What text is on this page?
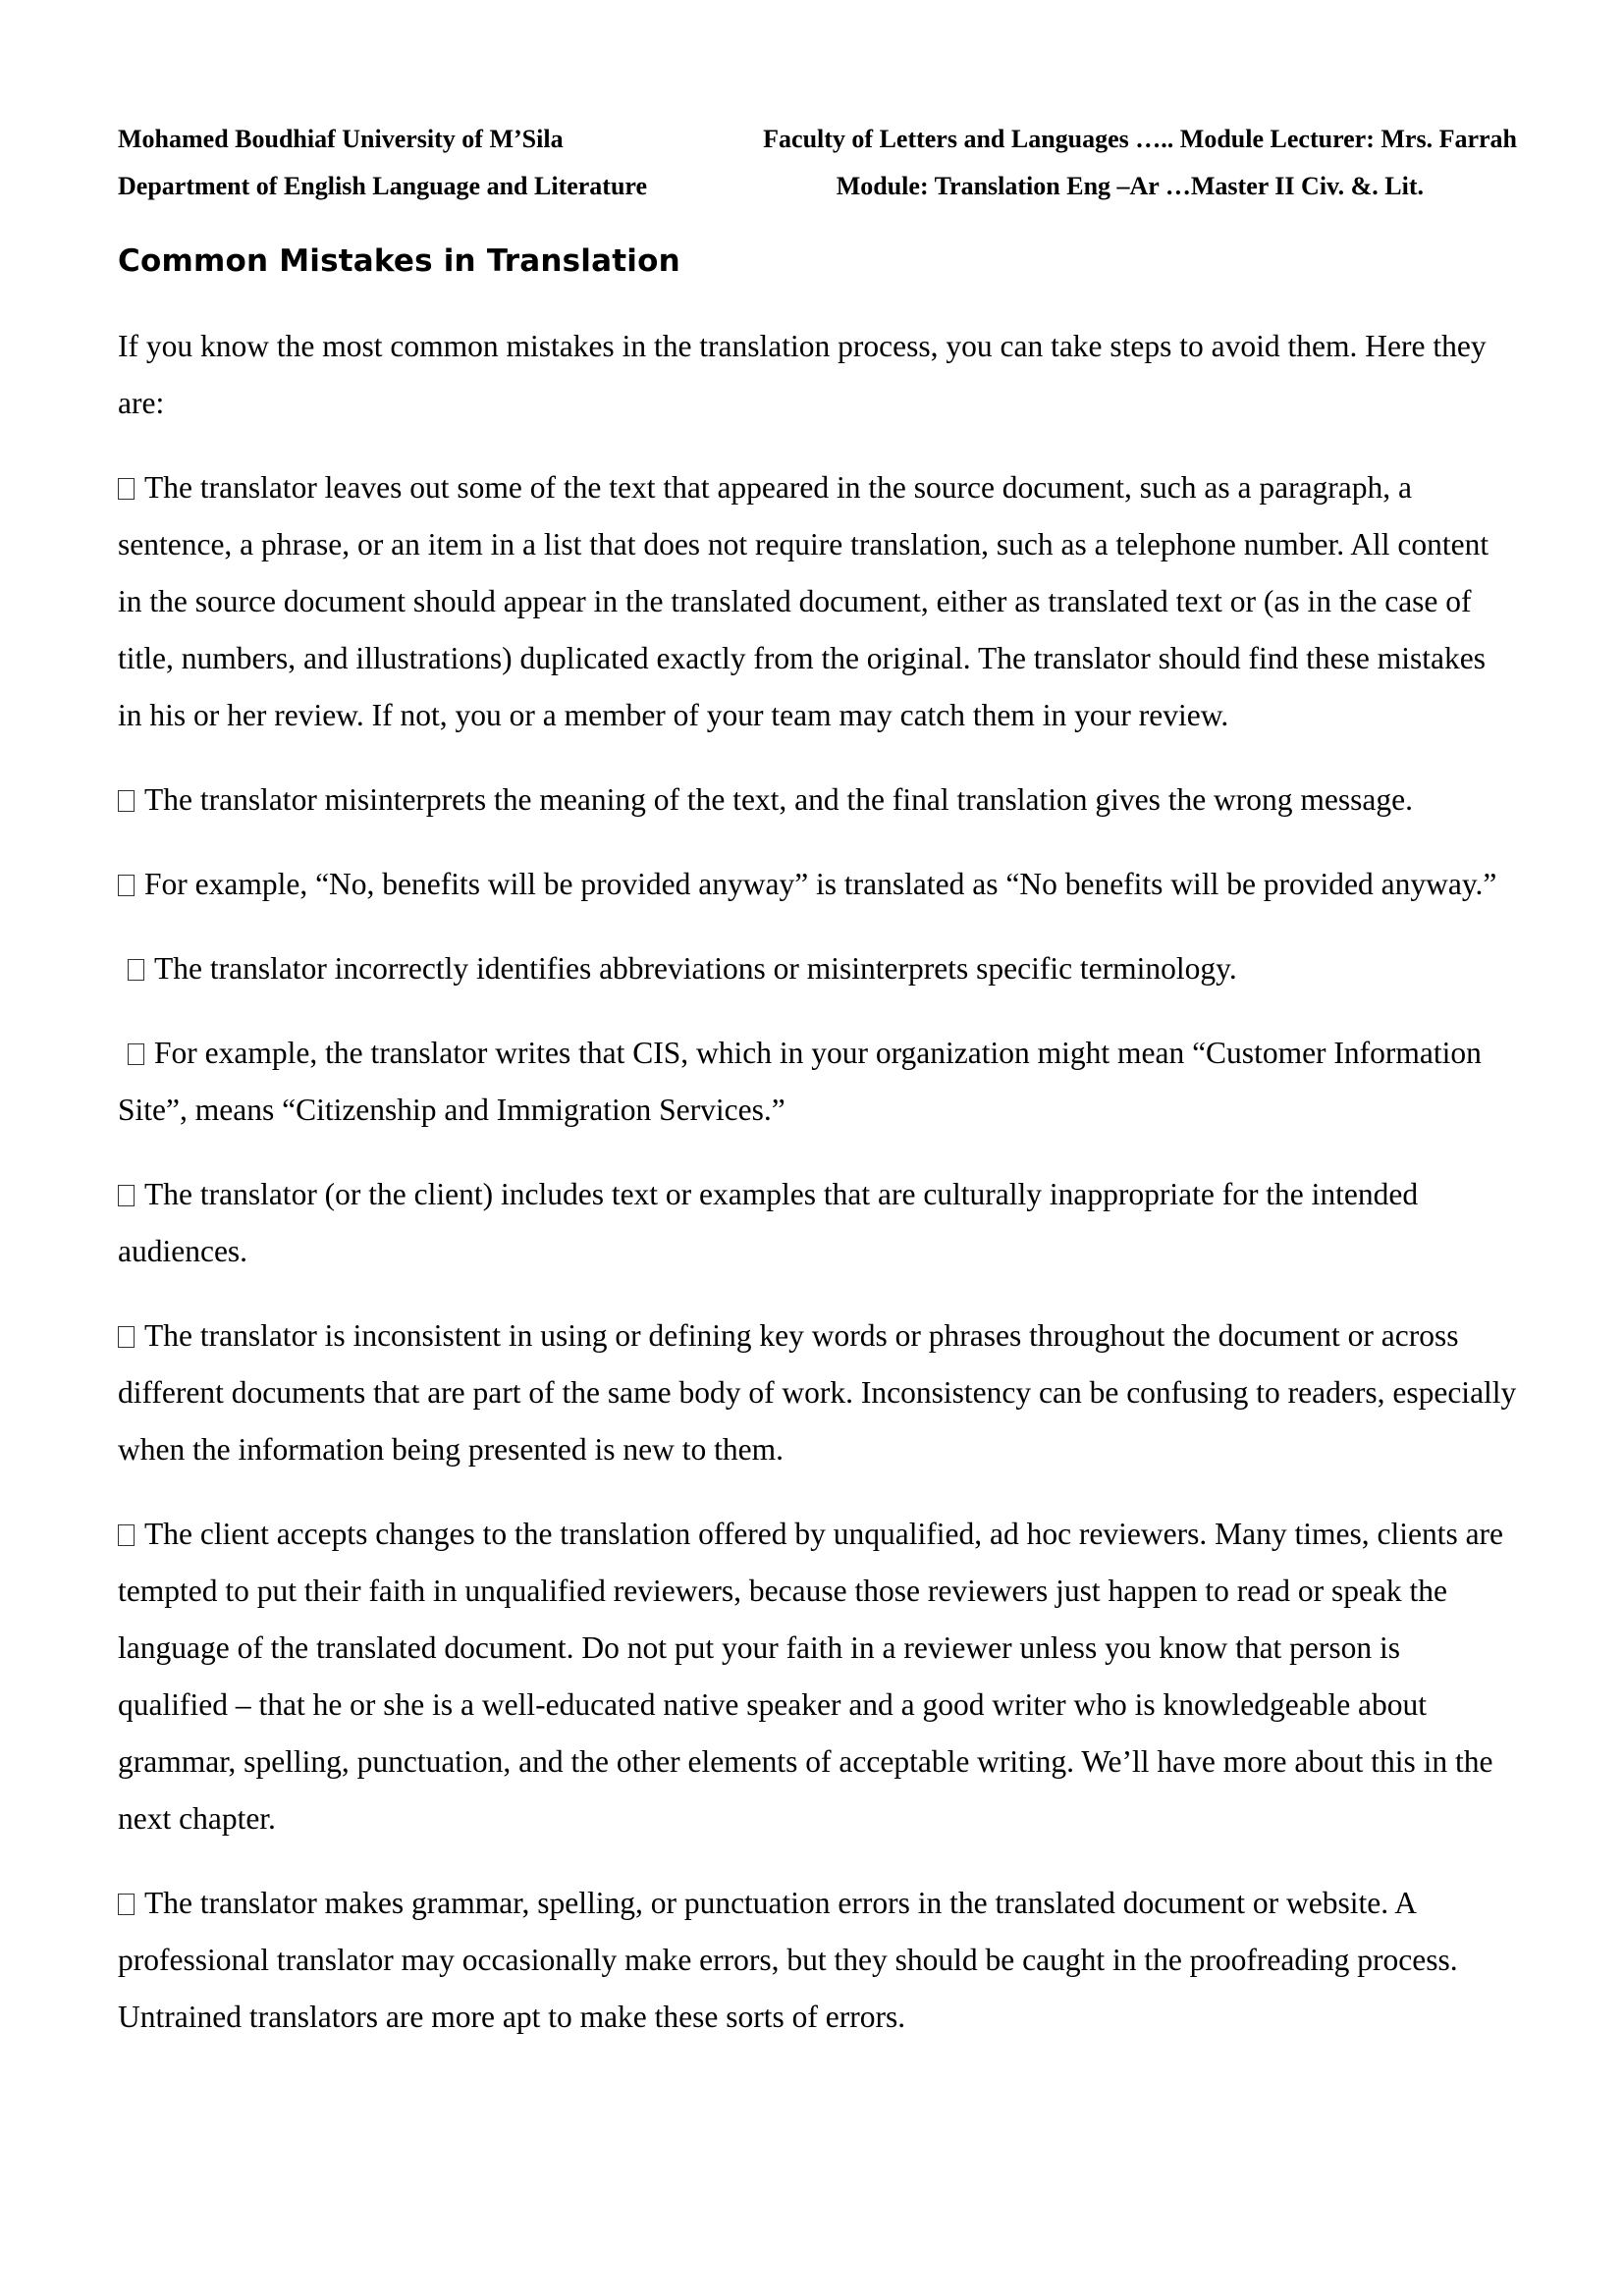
Mohamed Boudhiaf University of M’Sila	Faculty of Letters and Languages ….. Module Lecturer: Mrs. Farrah
Department of English Language and Literature	Module: Translation Eng –Ar …Master II Civ. &. Lit.
Common Mistakes in Translation

If you know the most common mistakes in the translation process, you can take steps to avoid them. Here they are:

The translator leaves out some of the text that appeared in the source document, such as a paragraph, a sentence, a phrase, or an item in a list that does not require translation, such as a telephone number. All content in the source document should appear in the translated document, either as translated text or (as in the case of title, numbers, and illustrations) duplicated exactly from the original. The translator should find these mistakes in his or her review. If not, you or a member of your team may catch them in your review.

The translator misinterprets the meaning of the text, and the final translation gives the wrong message.

For example, “No, benefits will be provided anyway” is translated as “No benefits will be provided anyway.”

The translator incorrectly identifies abbreviations or misinterprets specific terminology.

For example, the translator writes that CIS, which in your organization might mean “Customer Information Site”, means “Citizenship and Immigration Services.”

The translator (or the client) includes text or examples that are culturally inappropriate for the intended audiences.

The translator is inconsistent in using or defining key words or phrases throughout the document or across different documents that are part of the same body of work. Inconsistency can be confusing to readers, especially when the information being presented is new to them.

The client accepts changes to the translation offered by unqualified, ad hoc reviewers. Many times, clients are tempted to put their faith in unqualified reviewers, because those reviewers just happen to read or speak the language of the translated document. Do not put your faith in a reviewer unless you know that person is qualified – that he or she is a well-educated native speaker and a good writer who is knowledgeable about grammar, spelling, punctuation, and the other elements of acceptable writing. We’ll have more about this in the next chapter.

The translator makes grammar, spelling, or punctuation errors in the translated document or website. A professional translator may occasionally make errors, but they should be caught in the proofreading process. Untrained translators are more apt to make these sorts of errors.
